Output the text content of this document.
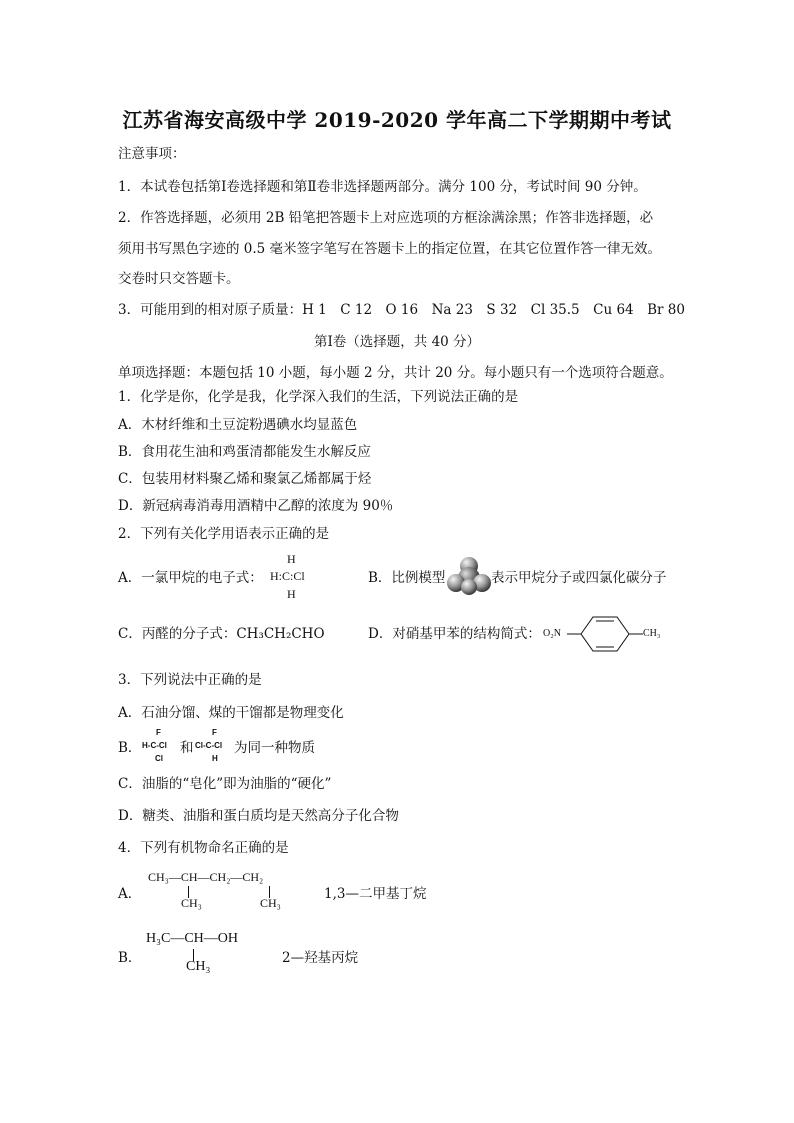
江苏省海安高级中学 2019-2020 学年高二下学期期中考试
注意事项：
1．本试卷包括第Ⅰ卷选择题和第Ⅱ卷非选择题两部分。满分 100 分，考试时间 90 分钟。
2．作答选择题，必须用 2B 铅笔把答题卡上对应选项的方框涂满涂黑；作答非选择题，必
须用书写黑色字迹的 0.5 毫米签字笔写在答题卡上的指定位置，在其它位置作答一律无效。
交卷时只交答题卡。
3．可能用到的相对原子质量：H 1　C 12　O 16　Na 23　S 32　Cl 35.5　Cu 64　Br 80
第Ⅰ卷（选择题，共 40 分）
单项选择题：本题包括 10 小题，每小题 2 分，共计 20 分。每小题只有一个选项符合题意。
1．化学是你，化学是我，化学深入我们的生活，下列说法正确的是
A．木材纤维和土豆淀粉遇碘水均显蓝色
B．食用花生油和鸡蛋清都能发生水解反应
C．包装用材料聚乙烯和聚氯乙烯都属于烃
D．新冠病毒消毒用酒精中乙醇的浓度为 90％
2．下列有关化学用语表示正确的是
A．一氯甲烷的电子式：
H
H:C:Cl
H
B．比例模型	表示甲烷分子或四氯化碳分子
C．丙醛的分子式：CH₃CH₂CHO	D．对硝基甲苯的结构简式： O₂N	CH₃
3．下列说法中正确的是
A．石油分馏、煤的干馏都是物理变化
B．
F
H-C-Cl
Cl
和
F
Cl-C-Cl
H
为同一种物质
C．油脂的“皂化”即为油脂的“硬化”
D．糖类、油脂和蛋白质均是天然高分子化合物
4．下列有机物命名正确的是
A．
CH₃—CH—CH₂—CH₂
CH₃	CH₃
1,3—二甲基丁烷
B．
H₃C—CH—OH
CH₃
2—羟基丙烷
